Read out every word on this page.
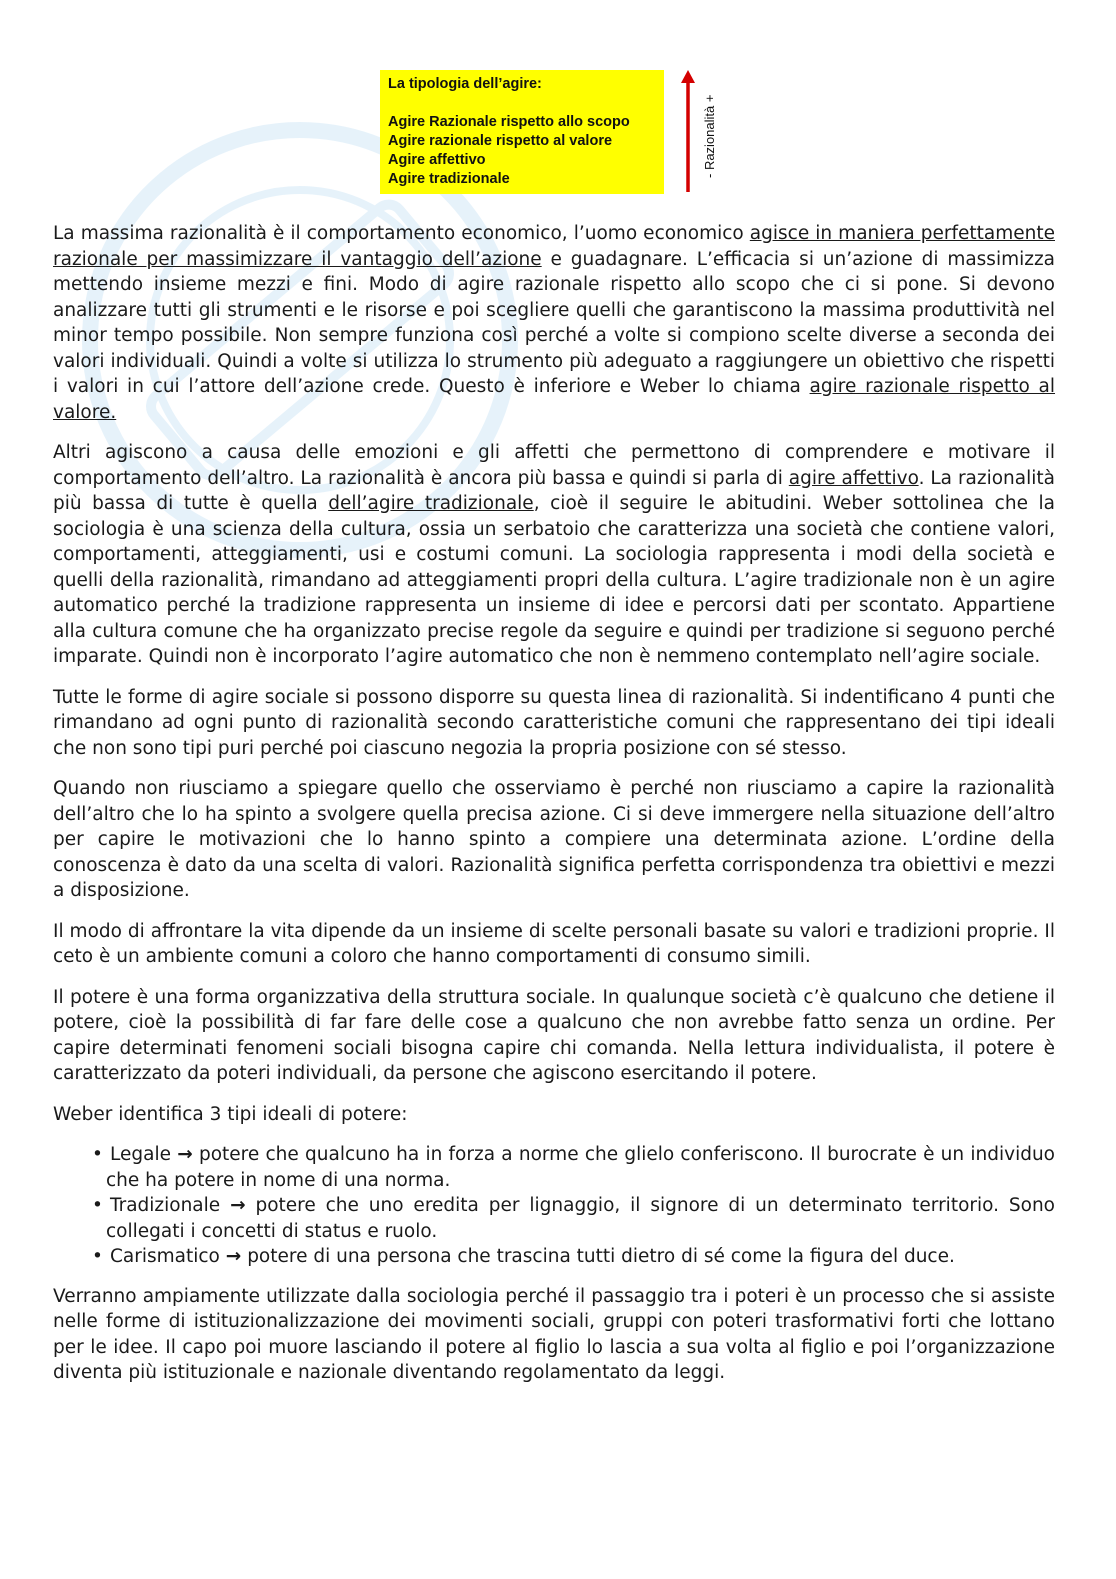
La tipologia dell’agire:
Agire Razionale rispetto allo scopo
Agire razionale rispetto al valore
Agire affettivo
Agire tradizionale
- Razionalità +

La massima razionalità è il comportamento economico, l’uomo economico agisce in maniera perfettamente razionale per massimizzare il vantaggio dell’azione e guadagnare. L’efficacia si un’azione di massimizza mettendo insieme mezzi e fini. Modo di agire razionale rispetto allo scopo che ci si pone. Si devono analizzare tutti gli strumenti e le risorse e poi scegliere quelli che garantiscono la massima produttività nel minor tempo possibile. Non sempre funziona così perché a volte si compiono scelte diverse a seconda dei valori individuali. Quindi a volte si utilizza lo strumento più adeguato a raggiungere un obiettivo che rispetti i valori in cui l’attore dell’azione crede. Questo è inferiore e Weber lo chiama agire razionale rispetto al valore.

Altri agiscono a causa delle emozioni e gli affetti che permettono di comprendere e motivare il comportamento dell’altro. La razionalità è ancora più bassa e quindi si parla di agire affettivo. La razionalità più bassa di tutte è quella dell’agire tradizionale, cioè il seguire le abitudini. Weber sottolinea che la sociologia è una scienza della cultura, ossia un serbatoio che caratterizza una società che contiene valori, comportamenti, atteggiamenti, usi e costumi comuni. La sociologia rappresenta i modi della società e quelli della razionalità, rimandano ad atteggiamenti propri della cultura. L’agire tradizionale non è un agire automatico perché la tradizione rappresenta un insieme di idee e percorsi dati per scontato. Appartiene alla cultura comune che ha organizzato precise regole da seguire e quindi per tradizione si seguono perché imparate. Quindi non è incorporato l’agire automatico che non è nemmeno contemplato nell’agire sociale.

Tutte le forme di agire sociale si possono disporre su questa linea di razionalità. Si indentificano 4 punti che rimandano ad ogni punto di razionalità secondo caratteristiche comuni che rappresentano dei tipi ideali che non sono tipi puri perché poi ciascuno negozia la propria posizione con sé stesso.

Quando non riusciamo a spiegare quello che osserviamo è perché non riusciamo a capire la razionalità dell’altro che lo ha spinto a svolgere quella precisa azione. Ci si deve immergere nella situazione dell’altro per capire le motivazioni che lo hanno spinto a compiere una determinata azione. L’ordine della conoscenza è dato da una scelta di valori. Razionalità significa perfetta corrispondenza tra obiettivi e mezzi a disposizione.

Il modo di affrontare la vita dipende da un insieme di scelte personali basate su valori e tradizioni proprie. Il ceto è un ambiente comuni a coloro che hanno comportamenti di consumo simili.

Il potere è una forma organizzativa della struttura sociale. In qualunque società c’è qualcuno che detiene il potere, cioè la possibilità di far fare delle cose a qualcuno che non avrebbe fatto senza un ordine. Per capire determinati fenomeni sociali bisogna capire chi comanda. Nella lettura individualista, il potere è caratterizzato da poteri individuali, da persone che agiscono esercitando il potere.

Weber identifica 3 tipi ideali di potere:

• Legale → potere che qualcuno ha in forza a norme che glielo conferiscono. Il burocrate è un individuo che ha potere in nome di una norma.
• Tradizionale → potere che uno eredita per lignaggio, il signore di un determinato territorio. Sono collegati i concetti di status e ruolo.
• Carismatico → potere di una persona che trascina tutti dietro di sé come la figura del duce.

Verranno ampiamente utilizzate dalla sociologia perché il passaggio tra i poteri è un processo che si assiste nelle forme di istituzionalizzazione dei movimenti sociali, gruppi con poteri trasformativi forti che lottano per le idee. Il capo poi muore lasciando il potere al figlio lo lascia a sua volta al figlio e poi l’organizzazione diventa più istituzionale e nazionale diventando regolamentato da leggi.
